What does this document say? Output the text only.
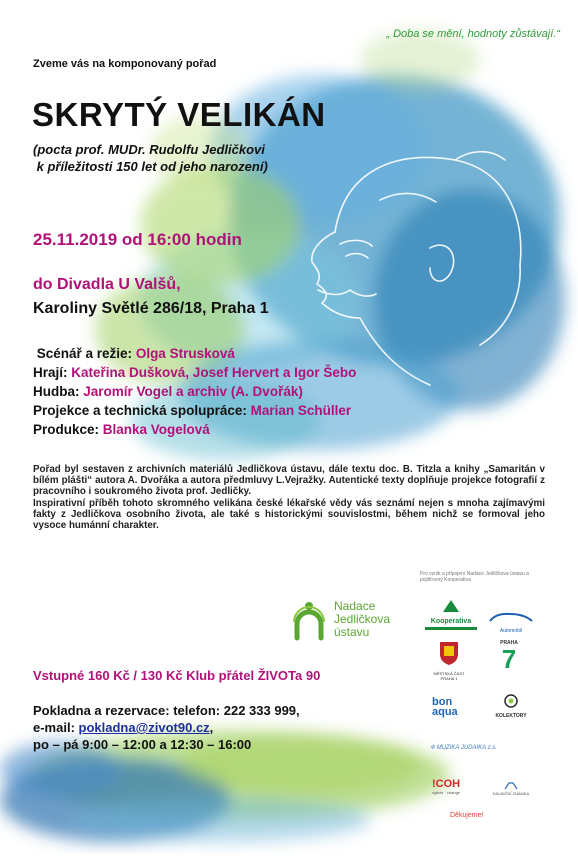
„ Doba se mění, hodnoty zůstávají.“
Zveme vás na komponovaný pořad
SKRYTÝ VELIKÁN
(pocta prof. MUDr. Rudolfu Jedličkovi
k příležitosti 150 let od jeho narození)
25.11.2019 od 16:00 hodin
do Divadla U Valšů,
Karoliny Světlé 286/18, Praha 1
Scénář a režie: Olga Strusková
Hrají: Kateřina Dušková, Josef Hervert a Igor Šebo
Hudba: Jaromír Vogel a archiv (A. Dvořák)
Projekce a technická spolupráce: Marian Schüller
Produkce: Blanka Vogelová
Pořad byl sestaven z archivních materiálů Jedličkova ústavu, dále textu doc. B. Titzla a knihy „Samaritán v bílém plášti“ autora A. Dvořáka a autora předmluvy L.Vejražky. Autentické texty doplňuje projekce fotografií z pracovního i soukromého života prof. Jedličky.
Inspirativní příběh tohoto skromného velikána české lékařské vědy vás seznámí nejen s mnoha zajímavými fakty z Jedličkova osobního života, ale také s historickými souvislostmi, během nichž se formoval jeho vysoce humánní charakter.
Nadace
Jedličkova
ústavu
Vstupné 160 Kč / 130 Kč Klub přátel ŽIVOTa 90
Pokladna a rezervace: telefon: 222 333 999,
e-mail: pokladna@zivot90.cz,
po – pá 9:00 – 12:00 a 12:30 – 16:00
Pro vznik a připojení Nadace Jedličkova ústavu a pojišťovny Kooperativa
Kooperativa
Automobil
MĚSTSKÁ ČÁST PRAHA 1
PRAHA
7
bon
aqua	KOLEKTORY
✡ MUZIKA JUDAIKA z.s.
!COH
ogilvie · change	DÁLNIČNÍ ZNÁMKA
Děkujeme!
